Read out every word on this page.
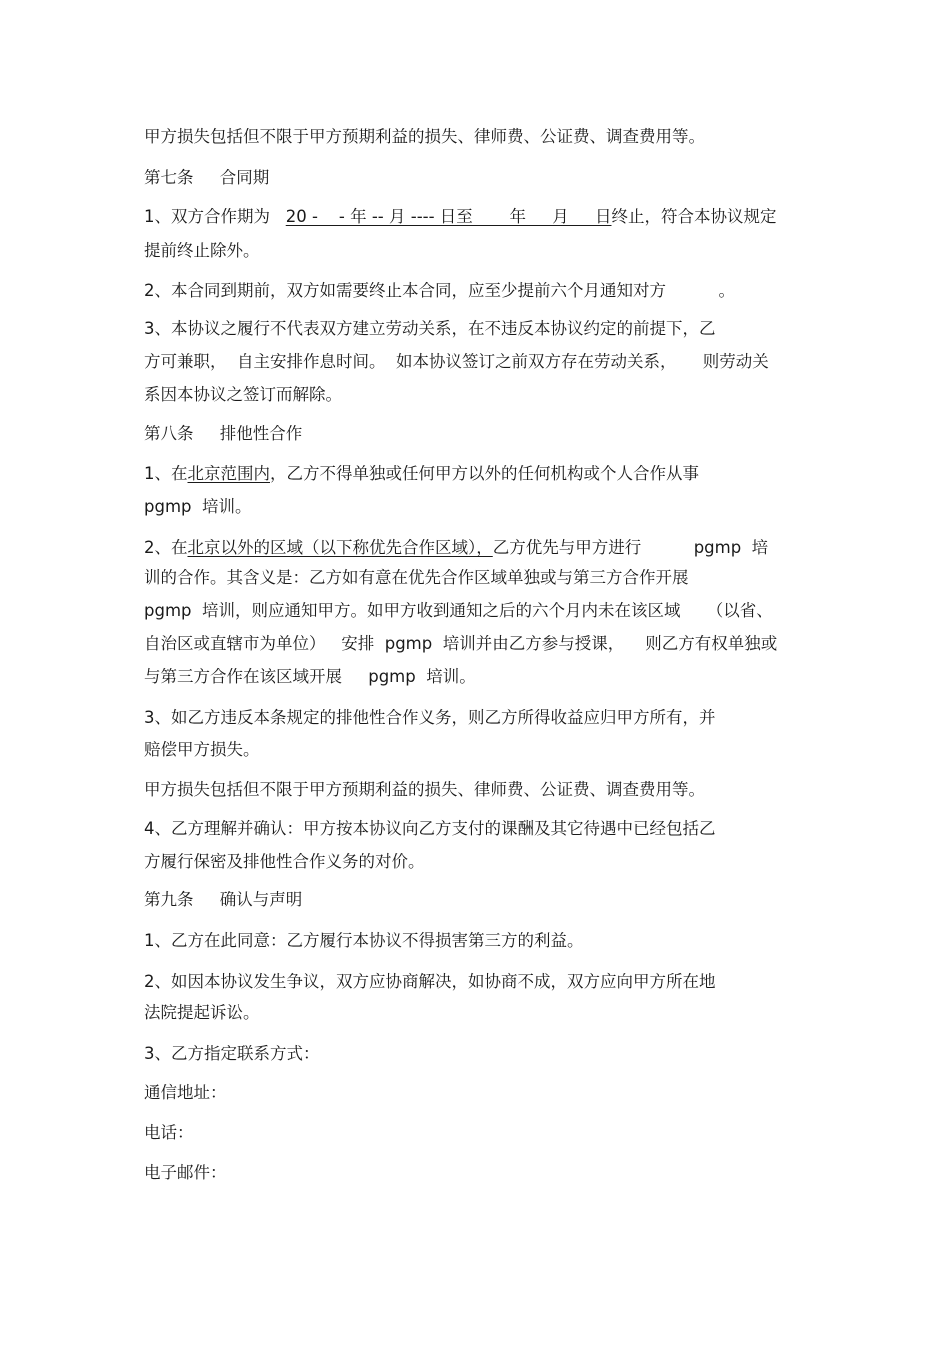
甲方损失包括但不限于甲方预期利益的损失、律师费、公证费、调查费用等。
第七条     合同期
1、双方合作期为   20 -    - 年 -- 月 ---- 日至       年     月     日终止，符合本协议规定
提前终止除外。
2、本合同到期前，双方如需要终止本合同，应至少提前六个月通知对方          。
3、本协议之履行不代表双方建立劳动关系，在不违反本协议约定的前提下，乙
方可兼职，  自主安排作息时间。  如本协议签订之前双方存在劳动关系，     则劳动关
系因本协议之签订而解除。
第八条     排他性合作
1、在北京范围内，乙方不得单独或任何甲方以外的任何机构或个人合作从事
pgmp  培训。
2、在北京以外的区域（以下称优先合作区域），乙方优先与甲方进行          pgmp  培
训的合作。其含义是：乙方如有意在优先合作区域单独或与第三方合作开展
pgmp  培训，则应通知甲方。如甲方收到通知之后的六个月内未在该区域     （以省、
自治区或直辖市为单位）   安排  pgmp  培训并由乙方参与授课，    则乙方有权单独或
与第三方合作在该区域开展     pgmp  培训。
3、如乙方违反本条规定的排他性合作义务，则乙方所得收益应归甲方所有，并
赔偿甲方损失。
甲方损失包括但不限于甲方预期利益的损失、律师费、公证费、调查费用等。
4、乙方理解并确认：甲方按本协议向乙方支付的课酬及其它待遇中已经包括乙
方履行保密及排他性合作义务的对价。
第九条     确认与声明
1、乙方在此同意：乙方履行本协议不得损害第三方的利益。
2、如因本协议发生争议，双方应协商解决，如协商不成，双方应向甲方所在地
法院提起诉讼。
3、乙方指定联系方式：
通信地址：
电话：
电子邮件：
